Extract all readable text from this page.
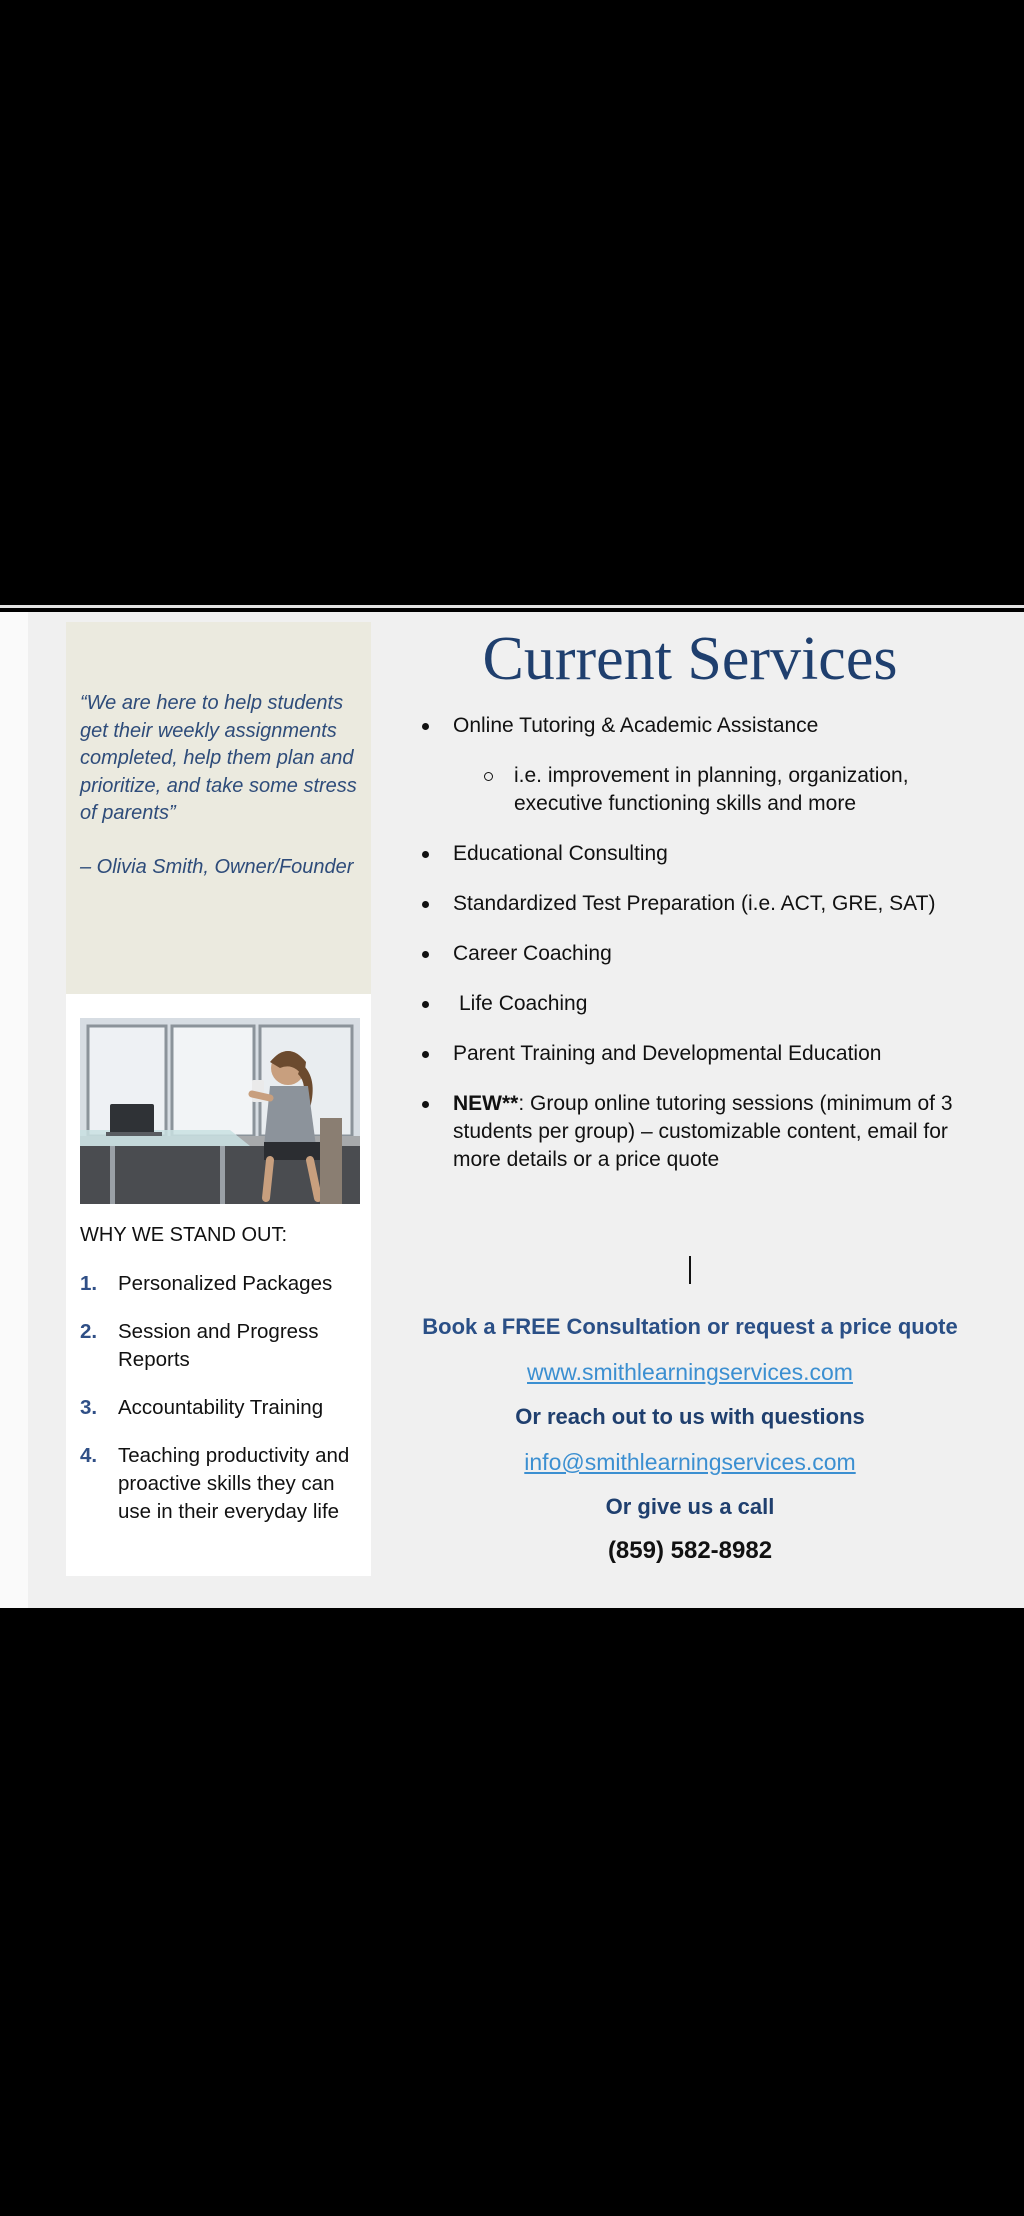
“We are here to help students get their weekly assignments completed, help them plan and prioritize, and take some stress of parents”

– Olivia Smith, Owner/Founder

WHY WE STAND OUT:
1. Personalized Packages
2. Session and Progress Reports
3. Accountability Training
4. Teaching productivity and proactive skills they can use in their everyday life
Current Services

Online Tutoring & Academic Assistance

i.e. improvement in planning, organization, executive functioning skills and more

Educational Consulting

Standardized Test Preparation (i.e. ACT, GRE, SAT)

Career Coaching

Life Coaching

Parent Training and Developmental Education

NEW**: Group online tutoring sessions (minimum of 3 students per group) – customizable content, email for more details or a price quote

Book a FREE Consultation or request a price quote
www.smithlearningservices.com
Or reach out to us with questions
info@smithlearningservices.com
Or give us a call
(859) 582-8982
